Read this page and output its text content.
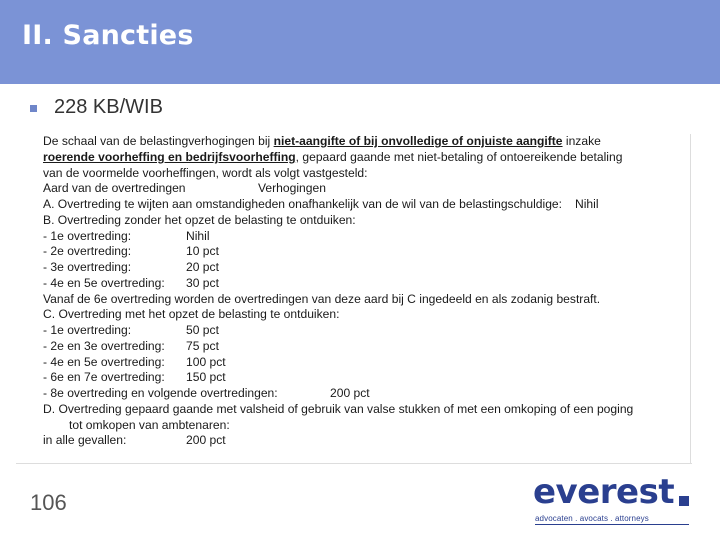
II. Sancties
228 KB/WIB
De schaal van de belastingverhogingen bij niet-aangifte of bij onvolledige of onjuiste aangifte inzake
roerende voorheffing en bedrijfsvoorheffing, gepaard gaande met niet-betaling of ontoereikende betaling
van de voormelde voorheffingen, wordt als volgt vastgesteld:
Aard van de overtredingen	Verhogingen
A. Overtreding te wijten aan omstandigheden onafhankelijk van de wil van de belastingschuldige: Nihil
B. Overtreding zonder het opzet de belasting te ontduiken:
- 1e overtreding:	Nihil
- 2e overtreding:	10 pct
- 3e overtreding:	20 pct
- 4e en 5e overtreding: 30 pct
Vanaf de 6e overtreding worden de overtredingen van deze aard bij C ingedeeld en als zodanig bestraft.
C. Overtreding met het opzet de belasting te ontduiken:
- 1e overtreding:	50 pct
- 2e en 3e overtreding: 75 pct
- 4e en 5e overtreding: 100 pct
- 6e en 7e overtreding: 150 pct
- 8e overtreding en volgende overtredingen:	200 pct
D. Overtreding gepaard gaande met valsheid of gebruik van valse stukken of met een omkoping of een poging
tot omkopen van ambtenaren:
in alle gevallen:	200 pct
106	everest
advocaten . avocats . attorneys
